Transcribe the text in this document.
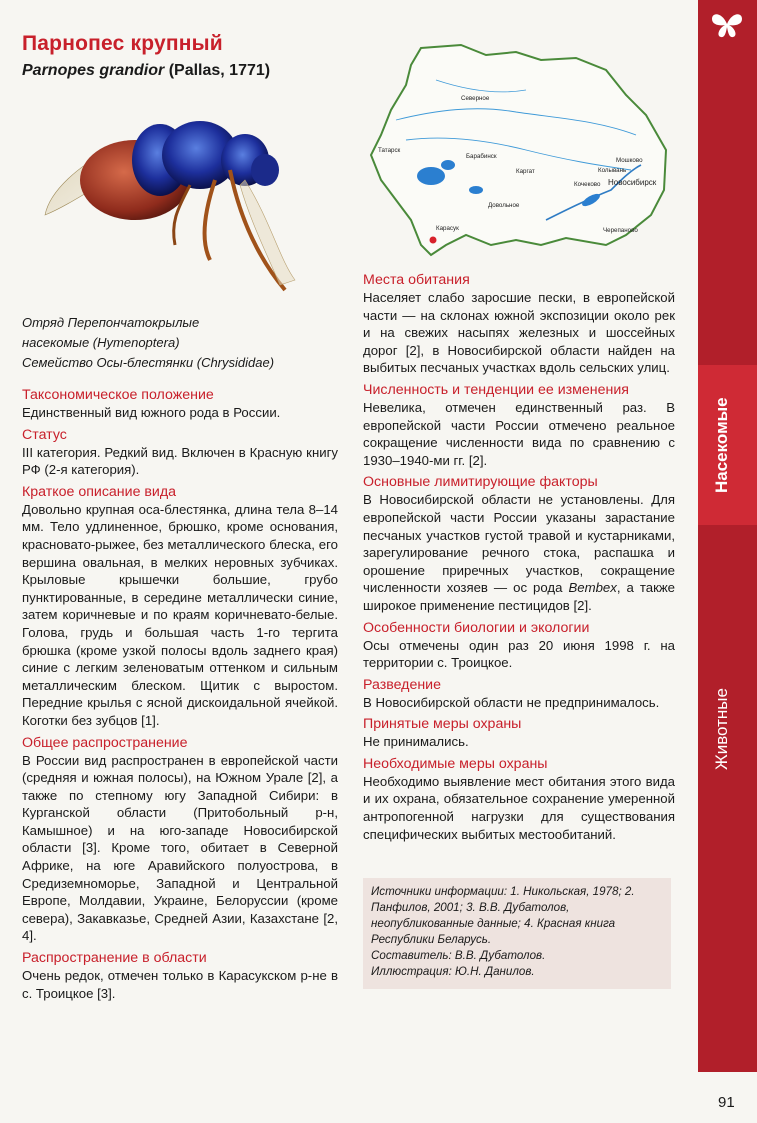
Парнопес крупный
Parnopes grandior (Pallas, 1771)
Отряд Перепончатокрылые
насекомые (Hymenoptera)
Семейство Осы-блестянки (Chrysididae)
Таксономическое положение

Единственный вид южного рода в России.

Статус

III категория. Редкий вид. Включен в Красную книгу РФ (2-я категория).

Краткое описание вида

Довольно крупная оса-блестянка, длина тела 8–14 мм. Тело удлиненное, брюшко, кроме основания, красновато-рыжее, без металлического блеска, его вершина овальная, в мелких неровных зубчиках. Крыловые крышечки большие, грубо пунктированные, в середине металлически синие, затем коричневые и по краям коричневато-белые. Голова, грудь и большая часть 1-го тергита брюшка (кроме узкой полосы вдоль заднего края) синие с легким зеленоватым оттенком и сильным металлическим блеском. Щитик с выростом. Передние крылья с ясной дискоидальной ячейкой. Коготки без зубцов [1].

Общее распространение

В России вид распространен в европейской части (средняя и южная полосы), на Южном Урале [2], а также по степному югу Западной Сибири: в Курганской области (Притобольный р-н, Камышное) и на юго-западе Новосибирской области [3]. Кроме того, обитает в Северной Африке, на юге Аравийского полуострова, в Средиземноморье, Западной и Центральной Европе, Молдавии, Украине, Белоруссии (кроме севера), Закавказье, Средней Азии, Казахстане [2, 4].

Распространение в области

Очень редок, отмечен только в Карасукском р-не в с. Троицкое [3].

Северное
Татарск
Барабинск
Каргат
Мошково
Колывань
Новосибирск
Кочеково
Довольное
Карасук	Черепаново
Места обитания

Населяет слабо заросшие пески, в европейской части — на склонах южной экспозиции около рек и на свежих насыпях железных и шоссейных дорог [2], в Новосибирской области найден на выбитых песчаных участках вдоль сельских улиц.

Численность и тенденции ее изменения

Невелика, отмечен единственный раз. В европейской части России отмечено реальное сокращение численности вида по сравнению с 1930–1940-ми гг. [2].

Основные лимитирующие факторы

В Новосибирской области не установлены. Для европейской части России указаны зарастание песчаных участков густой травой и кустарниками, зарегулирование речного стока, распашка и орошение приречных участков, сокращение численности хозяев — ос рода Bembex, а также широкое применение пестицидов [2].

Особенности биологии и экологии

Осы отмечены один раз 20 июня 1998 г. на территории с. Троицкое.

Разведение

В Новосибирской области не предпринималось.

Принятые меры охраны

Не принимались.

Необходимые меры охраны

Необходимо выявление мест обитания этого вида и их охрана, обязательное сохранение умеренной антропогенной нагрузки для существования специфических выбитых местообитаний.

Источники информации: 1. Никольская, 1978; 2. Панфилов, 2001; 3. В.В. Дубатолов, неопубликованные данные; 4. Красная книга Республики Беларусь.
Составитель: В.В. Дубатолов.
Иллюстрация: Ю.Н. Данилов.
Насекомые
Животные
91
